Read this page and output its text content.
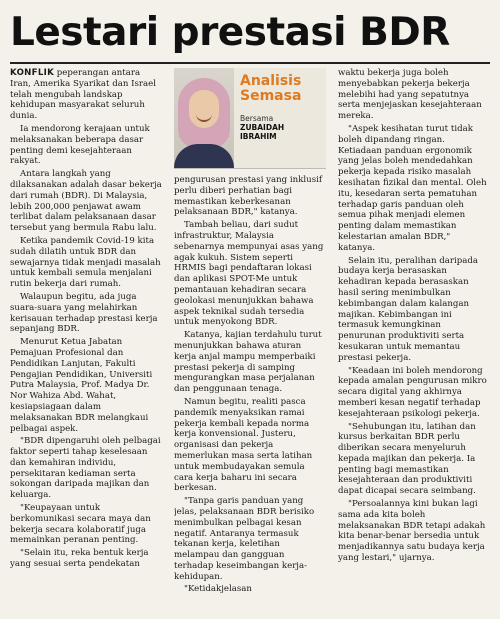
Lestari prestasi BDR

KONFLIK peperangan antara Iran, Amerika Syarikat dan Israel telah mengubah landskap kehidupan masyarakat seluruh dunia.

Ia mendorong kerajaan untuk melaksanakan beberapa dasar penting demi kesejahteraan rakyat.

Antara langkah yang dilaksanakan adalah dasar bekerja dari rumah (BDR). Di Malaysia, lebih 200,000 penjawat awam terlibat dalam pelaksanaan dasar tersebut yang bermula Rabu lalu.

Ketika pandemik Covid-19 kita sudah dilatih untuk BDR dan sewajarnya tidak menjadi masalah untuk kembali semula menjalani rutin bekerja dari rumah.

Walaupun begitu, ada juga suara-suara yang melahirkan kerisauan terhadap prestasi kerja sepanjang BDR.

Menurut Ketua Jabatan Pemajuan Profesional dan Pendidikan Lanjutan, Fakulti Pengajian Pendidikan, Universiti Putra Malaysia, Prof. Madya Dr. Nor Wahiza Abd. Wahat, kesiapsiagaan dalam melaksanakan BDR melangkaui pelbagai aspek.

"BDR dipengaruhi oleh pelbagai faktor seperti tahap keselesaan dan kemahiran individu, persekitaran kediaman serta sokongan daripada majikan dan keluarga.

"Keupayaan untuk berkomunikasi secara maya dan bekerja secara kolaboratif juga memainkan peranan penting.

"Selain itu, reka bentuk kerja yang sesuai serta pendekatan

Analisis
Semasa
Bersama
ZUBAIDAH
IBRAHIM

pengurusan prestasi yang inklusif perlu diberi perhatian bagi memastikan keberkesanan pelaksanaan BDR," katanya.

Tambah beliau, dari sudut infrastruktur, Malaysia sebenarnya mempunyai asas yang agak kukuh. Sistem seperti HRMIS bagi pendaftaran lokasi dan aplikasi SPOT-Me untuk pemantauan kehadiran secara geolokasi menunjukkan bahawa aspek teknikal sudah tersedia untuk menyokong BDR.

Katanya, kajian terdahulu turut menunjukkan bahawa aturan kerja anjal mampu memperbaiki prestasi pekerja di samping mengurangkan masa perjalanan dan penggunaan tenaga.

Namun begitu, realiti pasca pandemik menyaksikan ramai pekerja kembali kepada norma kerja konvensional. Justeru, organisasi dan pekerja memerlukan masa serta latihan untuk membudayakan semula cara kerja baharu ini secara berkesan.

"Tanpa garis panduan yang jelas, pelaksanaan BDR berisiko menimbulkan pelbagai kesan negatif. Antaranya termasuk tekanan kerja, keletihan melampau dan gangguan terhadap keseimbangan kerja-kehidupan.

"Ketidakjelasan

waktu bekerja juga boleh menyebabkan pekerja bekerja melebihi had yang sepatutnya serta menjejaskan kesejahteraan mereka.

"Aspek kesihatan turut tidak boleh dipandang ringan. Ketiadaan panduan ergonomik yang jelas boleh mendedahkan pekerja kepada risiko masalah kesihatan fizikal dan mental. Oleh itu, kesedaran serta pematuhan terhadap garis panduan oleh semua pihak menjadi elemen penting dalam memastikan kelestarian amalan BDR," katanya.

Selain itu, peralihan daripada budaya kerja berasaskan kehadiran kepada berasaskan hasil sering menimbulkan kebimbangan dalam kalangan majikan. Kebimbangan ini termasuk kemungkinan penurunan produktiviti serta kesukaran untuk memantau prestasi pekerja.

"Keadaan ini boleh mendorong kepada amalan pengurusan mikro secara digital yang akhirnya memberi kesan negatif terhadap kesejahteraan psikologi pekerja.

"Sehubungan itu, latihan dan kursus berkaitan BDR perlu diberikan secara menyeluruh kepada majikan dan pekerja. Ia penting bagi memastikan kesejahteraan dan produktiviti dapat dicapai secara seimbang.

"Persoalannya kini bukan lagi sama ada kita boleh melaksanakan BDR tetapi adakah kita benar-benar bersedia untuk menjadikannya satu budaya kerja yang lestari," ujarnya.
